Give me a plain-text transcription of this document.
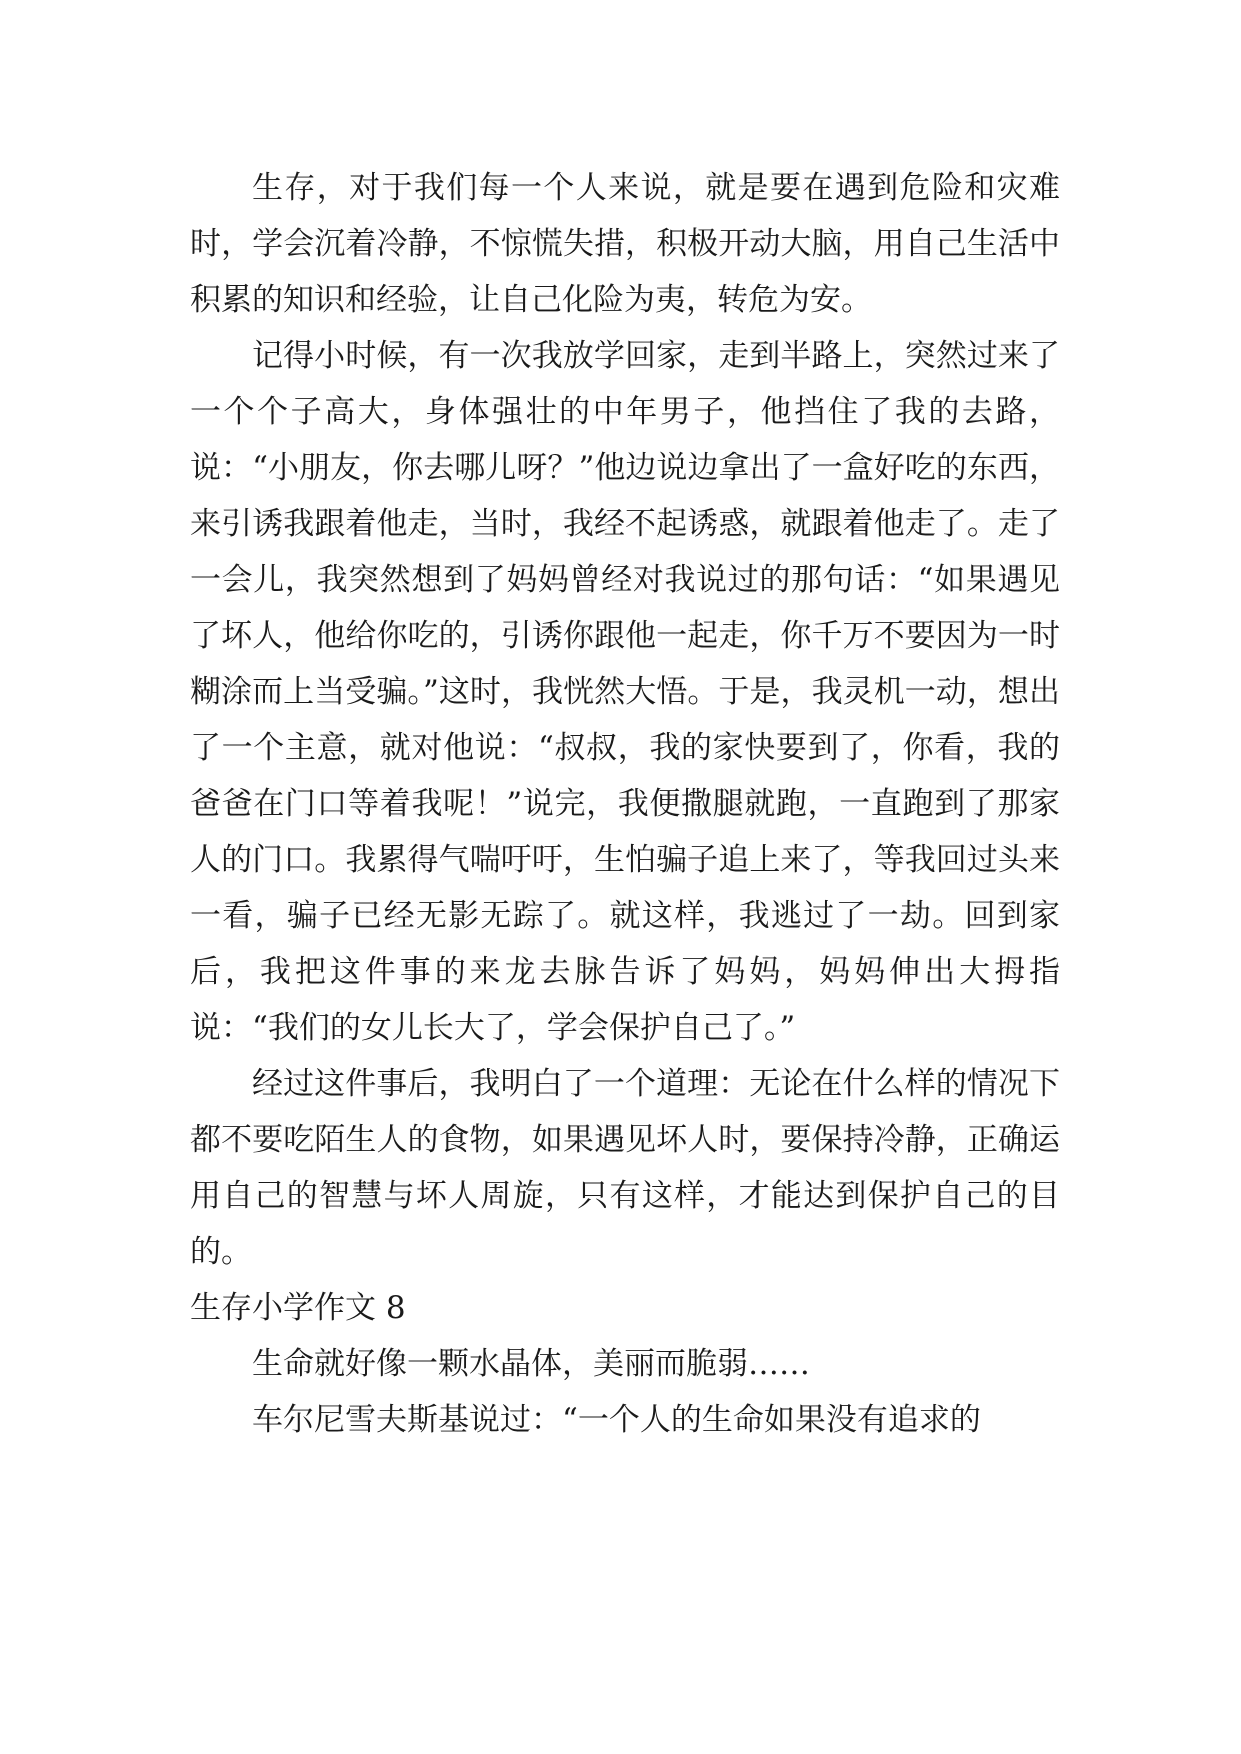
生存，对于我们每一个人来说，就是要在遇到危险和灾难时，学会沉着冷静，不惊慌失措，积极开动大脑，用自己生活中积累的知识和经验，让自己化险为夷，转危为安。

记得小时候，有一次我放学回家，走到半路上，突然过来了一个个子高大，身体强壮的中年男子，他挡住了我的去路，说：“小朋友，你去哪儿呀？”他边说边拿出了一盒好吃的东西，来引诱我跟着他走，当时，我经不起诱惑，就跟着他走了。走了一会儿，我突然想到了妈妈曾经对我说过的那句话：“如果遇见了坏人，他给你吃的，引诱你跟他一起走，你千万不要因为一时糊涂而上当受骗。”这时，我恍然大悟。于是，我灵机一动，想出了一个主意，就对他说：“叔叔，我的家快要到了，你看，我的爸爸在门口等着我呢！”说完，我便撒腿就跑，一直跑到了那家人的门口。我累得气喘吁吁，生怕骗子追上来了，等我回过头来一看，骗子已经无影无踪了。就这样，我逃过了一劫。回到家后，我把这件事的来龙去脉告诉了妈妈，妈妈伸出大拇指说：“我们的女儿长大了，学会保护自己了。”

经过这件事后，我明白了一个道理：无论在什么样的情况下都不要吃陌生人的食物，如果遇见坏人时，要保持冷静，正确运用自己的智慧与坏人周旋，只有这样，才能达到保护自己的目的。

生存小学作文 8

生命就好像一颗水晶体，美丽而脆弱……

车尔尼雪夫斯基说过：“一个人的生命如果没有追求的
